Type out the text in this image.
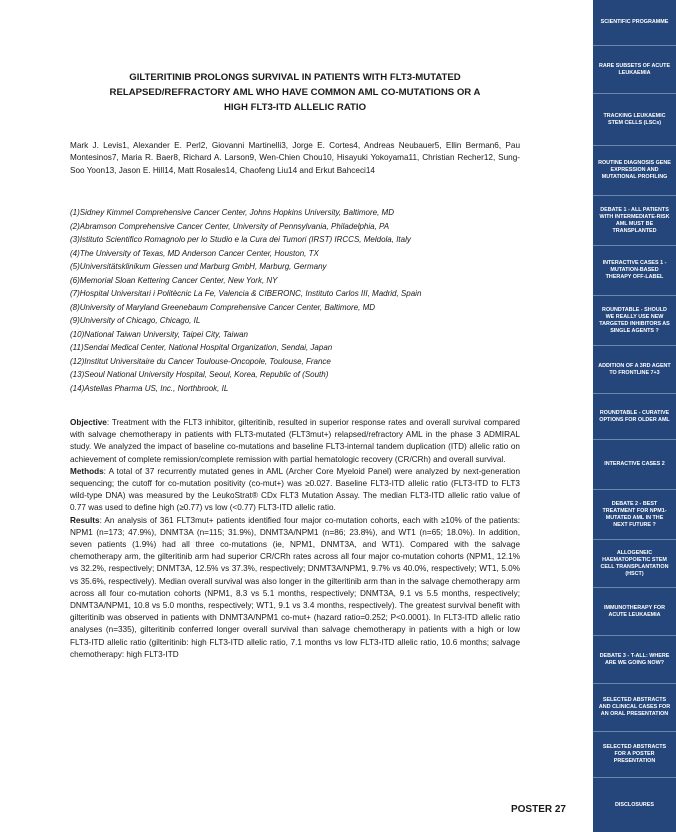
GILTERITINIB PROLONGS SURVIVAL IN PATIENTS WITH FLT3-MUTATED
RELAPSED/REFRACTORY AML WHO HAVE COMMON AML CO-MUTATIONS OR A
HIGH FLT3-ITD ALLELIC RATIO
Mark J. Levis1, Alexander E. Perl2, Giovanni Martinelli3, Jorge E. Cortes4, Andreas Neubauer5, Ellin Berman6, Pau Montesinos7, Maria R. Baer8, Richard A. Larson9, Wen-Chien Chou10, Hisayuki Yokoyama11, Christian Recher12, Sung-Soo Yoon13, Jason E. Hill14, Matt Rosales14, Chaofeng Liu14 and Erkut Bahceci14
(1)Sidney Kimmel Comprehensive Cancer Center, Johns Hopkins University, Baltimore, MD
(2)Abramson Comprehensive Cancer Center, University of Pennsylvania, Philadelphia, PA
(3)Istituto Scientifico Romagnolo per lo Studio e la Cura dei Tumori (IRST) IRCCS, Meldola, Italy
(4)The University of Texas, MD Anderson Cancer Center, Houston, TX
(5)Universitätsklinikum Giessen und Marburg GmbH, Marburg, Germany
(6)Memorial Sloan Kettering Cancer Center, New York, NY
(7)Hospital Universitari i Politècnic La Fe, Valencia & CIBERONC, Instituto Carlos III, Madrid, Spain
(8)University of Maryland Greenebaum Comprehensive Cancer Center, Baltimore, MD
(9)University of Chicago, Chicago, IL
(10)National Taiwan University, Taipei City, Taiwan
(11)Sendai Medical Center, National Hospital Organization, Sendai, Japan
(12)Institut Universitaire du Cancer Toulouse-Oncopole, Toulouse, France
(13)Seoul National University Hospital, Seoul, Korea, Republic of (South)
(14)Astellas Pharma US, Inc., Northbrook, IL

Objective: Treatment with the FLT3 inhibitor, gilteritinib, resulted in superior response rates and overall survival compared with salvage chemotherapy in patients with FLT3-mutated (FLT3mut+) relapsed/refractory AML in the phase 3 ADMIRAL study. We analyzed the impact of baseline co-mutations and baseline FLT3-internal tandem duplication (ITD) allelic ratio on achievement of complete remission/complete remission with partial hematologic recovery (CR/CRh) and overall survival.

Methods: A total of 37 recurrently mutated genes in AML (Archer Core Myeloid Panel) were analyzed by next-generation sequencing; the cutoff for co-mutation positivity (co-mut+) was ≥0.027. Baseline FLT3-ITD allelic ratio (FLT3-ITD to FLT3 wild-type DNA) was measured by the LeukoStrat® CDx FLT3 Mutation Assay. The median FLT3-ITD allelic ratio value of 0.77 was used to define high (≥0.77) vs low (<0.77) FLT3-ITD allelic ratio.

Results: An analysis of 361 FLT3mut+ patients identified four major co-mutation cohorts, each with ≥10% of the patients: NPM1 (n=173; 47.9%), DNMT3A (n=115; 31.9%), DNMT3A/NPM1 (n=86; 23.8%), and WT1 (n=65; 18.0%). In addition, seven patients (1.9%) had all three co-mutations (ie, NPM1, DNMT3A, and WT1). Compared with the salvage chemotherapy arm, the gilteritinib arm had superior CR/CRh rates across all four major co-mutation cohorts (NPM1, 12.1% vs 32.2%, respectively; DNMT3A, 12.5% vs 37.3%, respectively; DNMT3A/NPM1, 9.7% vs 40.0%, respectively; WT1, 5.0% vs 35.6%, respectively). Median overall survival was also longer in the gilteritinib arm than in the salvage chemotherapy arm across all four co-mutation cohorts (NPM1, 8.3 vs 5.1 months, respectively; DNMT3A, 9.1 vs 5.5 months, respectively; DNMT3A/NPM1, 10.8 vs 5.0 months, respectively; WT1, 9.1 vs 3.4 months, respectively). The greatest survival benefit with gilteritinib was observed in patients with DNMT3A/NPM1 co-mut+ (hazard ratio=0.252; P<0.0001). In FLT3-ITD allelic ratio analyses (n=335), gilteritinib conferred longer overall survival than salvage chemotherapy in patients with a high or low FLT3-ITD allelic ratio (gilteritinib: high FLT3-ITD allelic ratio, 7.1 months vs low FLT3-ITD allelic ratio, 10.6 months; salvage chemotherapy: high FLT3-ITD

POSTER 27
SCIENTIFIC PROGRAMME
RARE SUBSETS OF ACUTE LEUKAEMIA
TRACKING LEUKAEMIC STEM CELLS (LSCs)
ROUTINE DIAGNOSIS GENE EXPRESSION AND MUTATIONAL PROFILING
DEBATE 1 - ALL PATIENTS WITH INTERMEDIATE-RISK AML MUST BE TRANSPLANTED
INTERACTIVE CASES 1 - MUTATION-BASED THERAPY OFF-LABEL
ROUNDTABLE - SHOULD WE REALLY USE NEW TARGETED INHIBITORS AS SINGLE AGENTS ?
ADDITION OF A 3RD AGENT TO FRONTLINE 7+3
ROUNDTABLE - CURATIVE OPTIONS FOR OLDER AML
INTERACTIVE CASES 2
DEBATE 2 - BEST TREATMENT FOR NPM1-MUTATED AML IN THE NEXT FUTURE ?
ALLOGENEIC HAEMATOPOIETIC STEM CELL TRANSPLANTATION (HSCT)
IMMUNOTHERAPY FOR ACUTE LEUKAEMIA
DEBATE 3 - T-ALL: WHERE ARE WE GOING NOW?
SELECTED ABSTRACTS AND CLINICAL CASES FOR AN ORAL PRESENTATION
SELECTED ABSTRACTS FOR A POSTER PRESENTATION
DISCLOSURES
